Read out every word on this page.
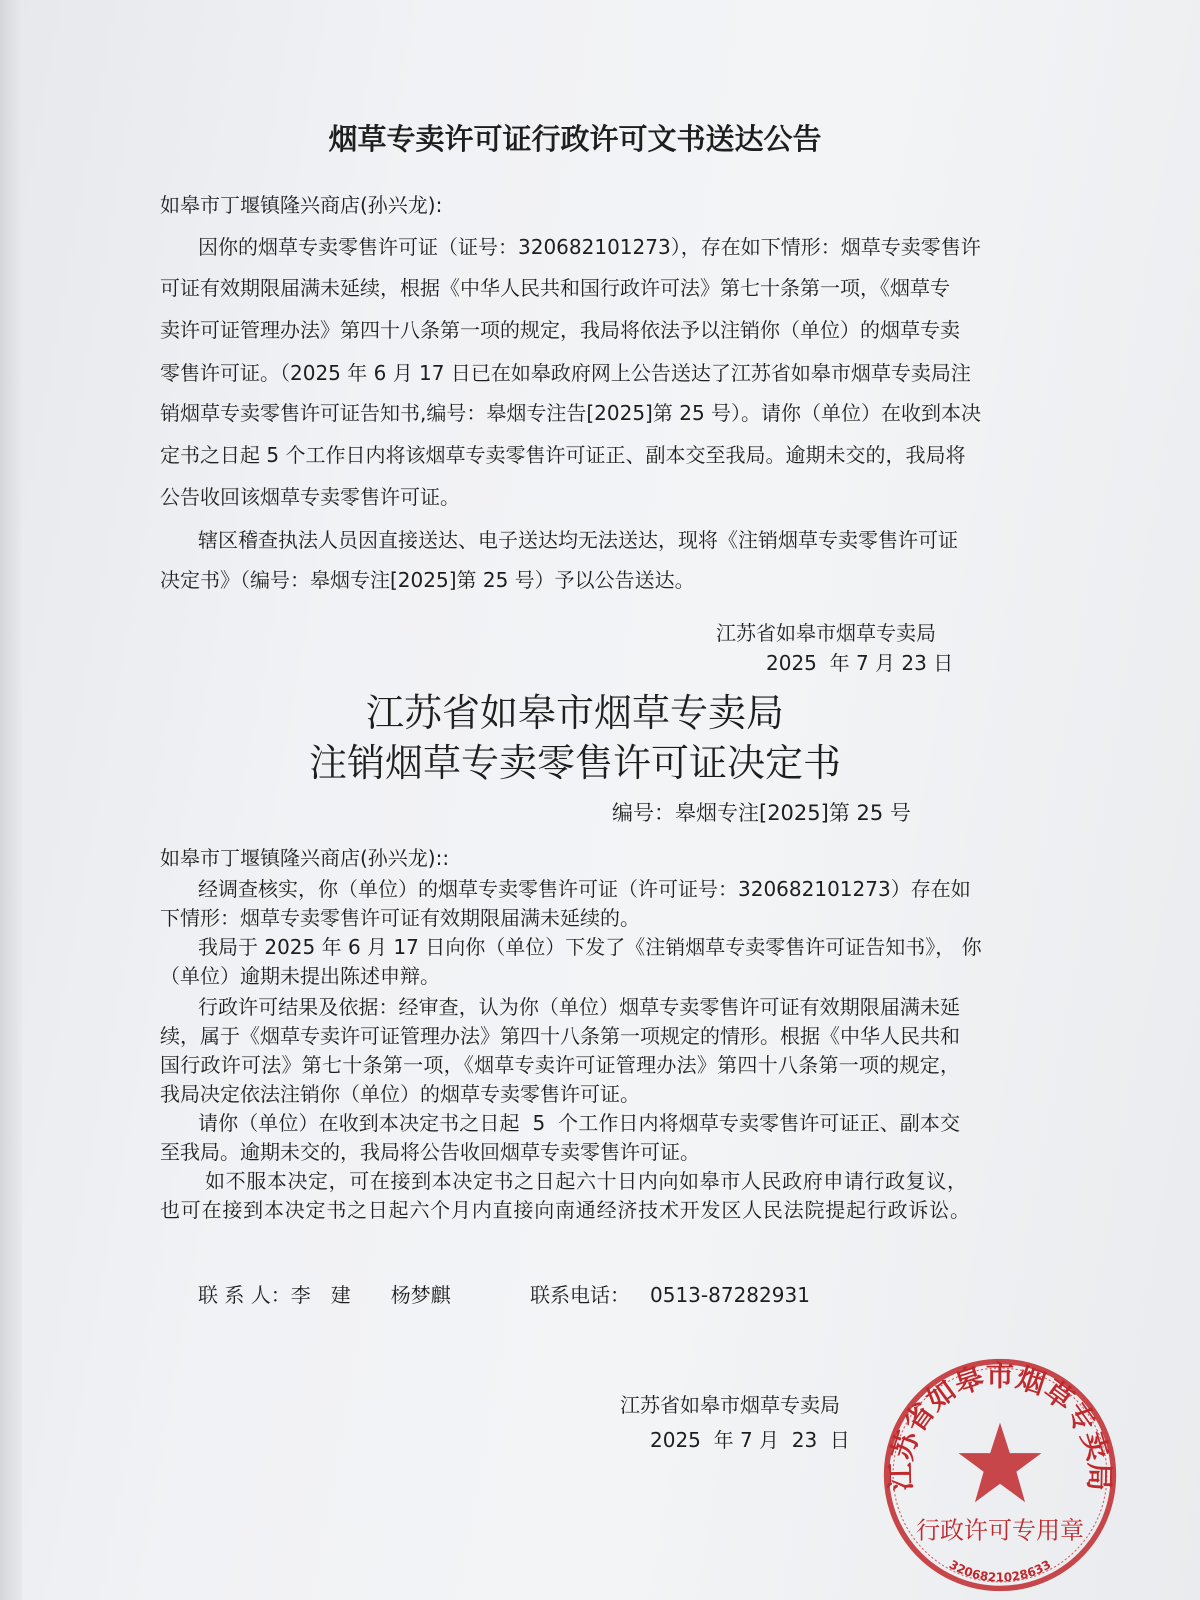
烟草专卖许可证行政许可文书送达公告
如皋市丁堰镇隆兴商店(孙兴龙):
因你的烟草专卖零售许可证（证号：320682101273），存在如下情形：烟草专卖零售许
可证有效期限届满未延续，根据《中华人民共和国行政许可法》第七十条第一项，《烟草专
卖许可证管理办法》第四十八条第一项的规定，我局将依法予以注销你（单位）的烟草专卖
零售许可证。（2025 年 6 月 17 日已在如皋政府网上公告送达了江苏省如皋市烟草专卖局注
销烟草专卖零售许可证告知书,编号：皋烟专注告[2025]第 25 号）。请你（单位）在收到本决
定书之日起 5 个工作日内将该烟草专卖零售许可证正、副本交至我局。逾期未交的，我局将
公告收回该烟草专卖零售许可证。
辖区稽查执法人员因直接送达、电子送达均无法送达，现将《注销烟草专卖零售许可证
决定书》（编号：皋烟专注[2025]第 25 号）予以公告送达。
江苏省如皋市烟草专卖局
2025  年 7 月 23 日
江苏省如皋市烟草专卖局
注销烟草专卖零售许可证决定书
编号：皋烟专注[2025]第 25 号
如皋市丁堰镇隆兴商店(孙兴龙)::
经调查核实，你（单位）的烟草专卖零售许可证（许可证号：320682101273）存在如
下情形：烟草专卖零售许可证有效期限届满未延续的。
我局于 2025 年 6 月 17 日向你（单位）下发了《注销烟草专卖零售许可证告知书》， 你
（单位）逾期未提出陈述申辩。
行政许可结果及依据：经审查，认为你（单位）烟草专卖零售许可证有效期限届满未延
续，属于《烟草专卖许可证管理办法》第四十八条第一项规定的情形。根据《中华人民共和
国行政许可法》第七十条第一项，《烟草专卖许可证管理办法》第四十八条第一项的规定，
我局决定依法注销你（单位）的烟草专卖零售许可证。
请你（单位）在收到本决定书之日起  5  个工作日内将烟草专卖零售许可证正、副本交
至我局。逾期未交的，我局将公告收回烟草专卖零售许可证。
如不服本决定，可在接到本决定书之日起六十日内向如皋市人民政府申请行政复议，
也可在接到本决定书之日起六个月内直接向南通经济技术开发区人民法院提起行政诉讼。
联 系 人：李　建　　杨梦麒	联系电话： 0513-87282931
江苏省如皋市烟草专卖局
2025  年 7 月  23  日
江苏省如皋市烟草专卖局
行政许可专用章
3206821028633
